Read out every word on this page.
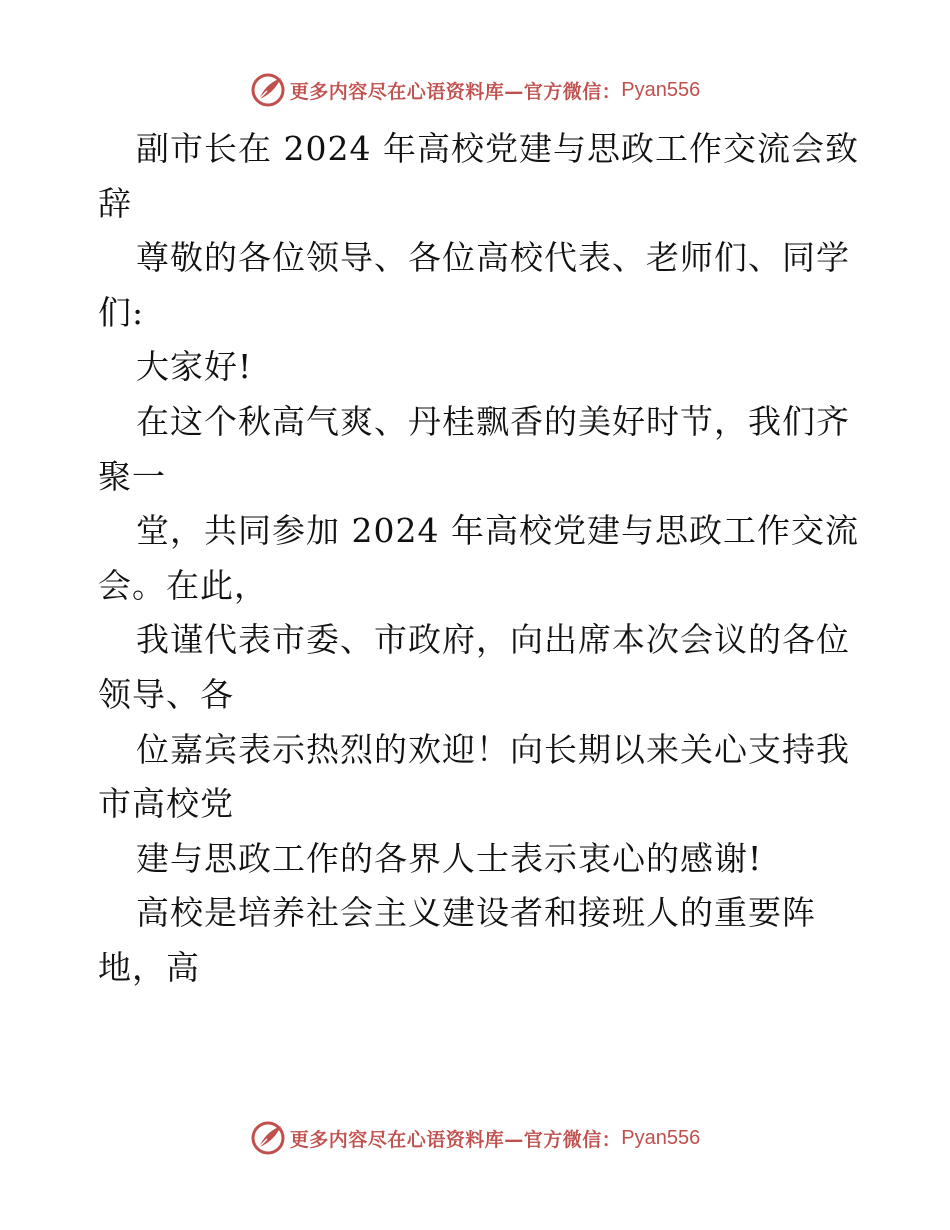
更多内容尽在心语资料库—官方微信： Pyan556
副市长在 2024 年高校党建与思政工作交流会致
辞
尊敬的各位领导、各位高校代表、老师们、同学
们:
大家好!
在这个秋高气爽、丹桂飘香的美好时节，我们齐
聚一
堂，共同参加 2024 年高校党建与思政工作交流
会。在此，
我谨代表市委、市政府，向出席本次会议的各位
领导、各
位嘉宾表示热烈的欢迎！向长期以来关心支持我
市高校党
建与思政工作的各界人士表示衷心的感谢!
高校是培养社会主义建设者和接班人的重要阵
地，高
更多内容尽在心语资料库—官方微信： Pyan556
